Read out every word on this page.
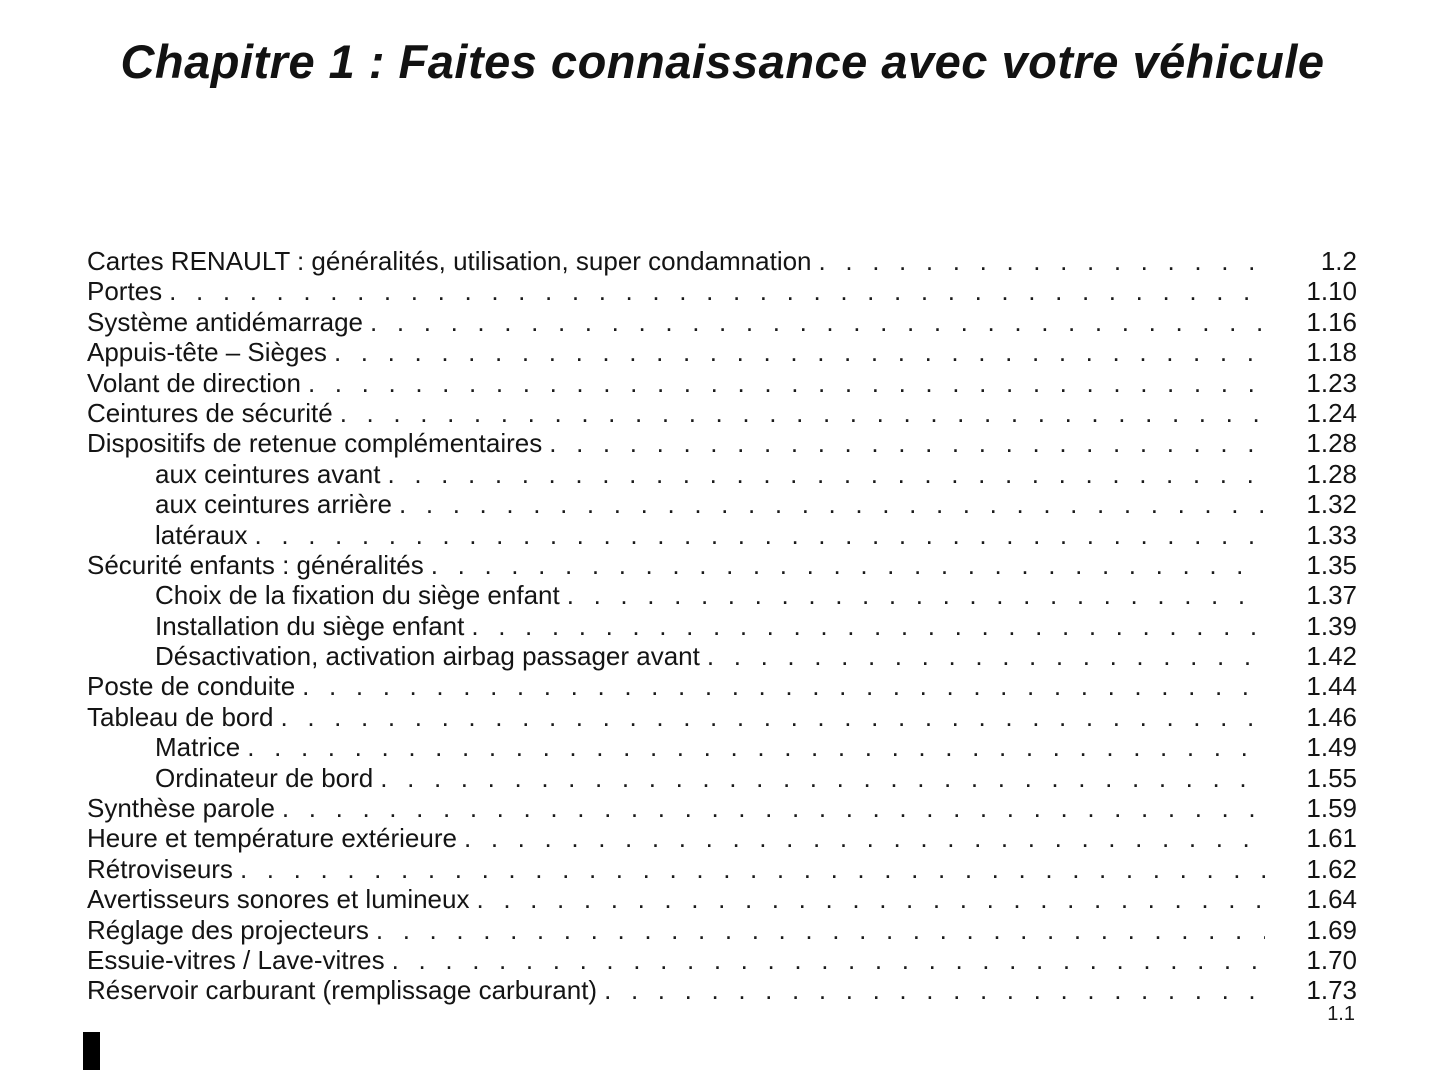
Chapitre 1 : Faites connaissance avec votre véhicule
Cartes RENAULT : généralités, utilisation, super condamnation . . .	1.2
Portes . . .	1.10
Système antidémarrage . . .	1.16
Appuis-tête – Sièges . . .	1.18
Volant de direction . . .	1.23
Ceintures de sécurité . . .	1.24
Dispositifs de retenue complémentaires . . .	1.28
aux ceintures avant . . .	1.28
aux ceintures arrière . . .	1.32
latéraux . . .	1.33
Sécurité enfants : généralités . . .	1.35
Choix de la fixation du siège enfant . . .	1.37
Installation du siège enfant . . .	1.39
Désactivation, activation airbag passager avant . . .	1.42
Poste de conduite . . .	1.44
Tableau de bord . . .	1.46
Matrice . . .	1.49
Ordinateur de bord . . .	1.55
Synthèse parole . . .	1.59
Heure et température extérieure . . .	1.61
Rétroviseurs . . .	1.62
Avertisseurs sonores et lumineux . . .	1.64
Réglage des projecteurs . . .	1.69
Essuie-vitres / Lave-vitres . . .	1.70
Réservoir carburant (remplissage carburant) . . .	1.73
1.1
